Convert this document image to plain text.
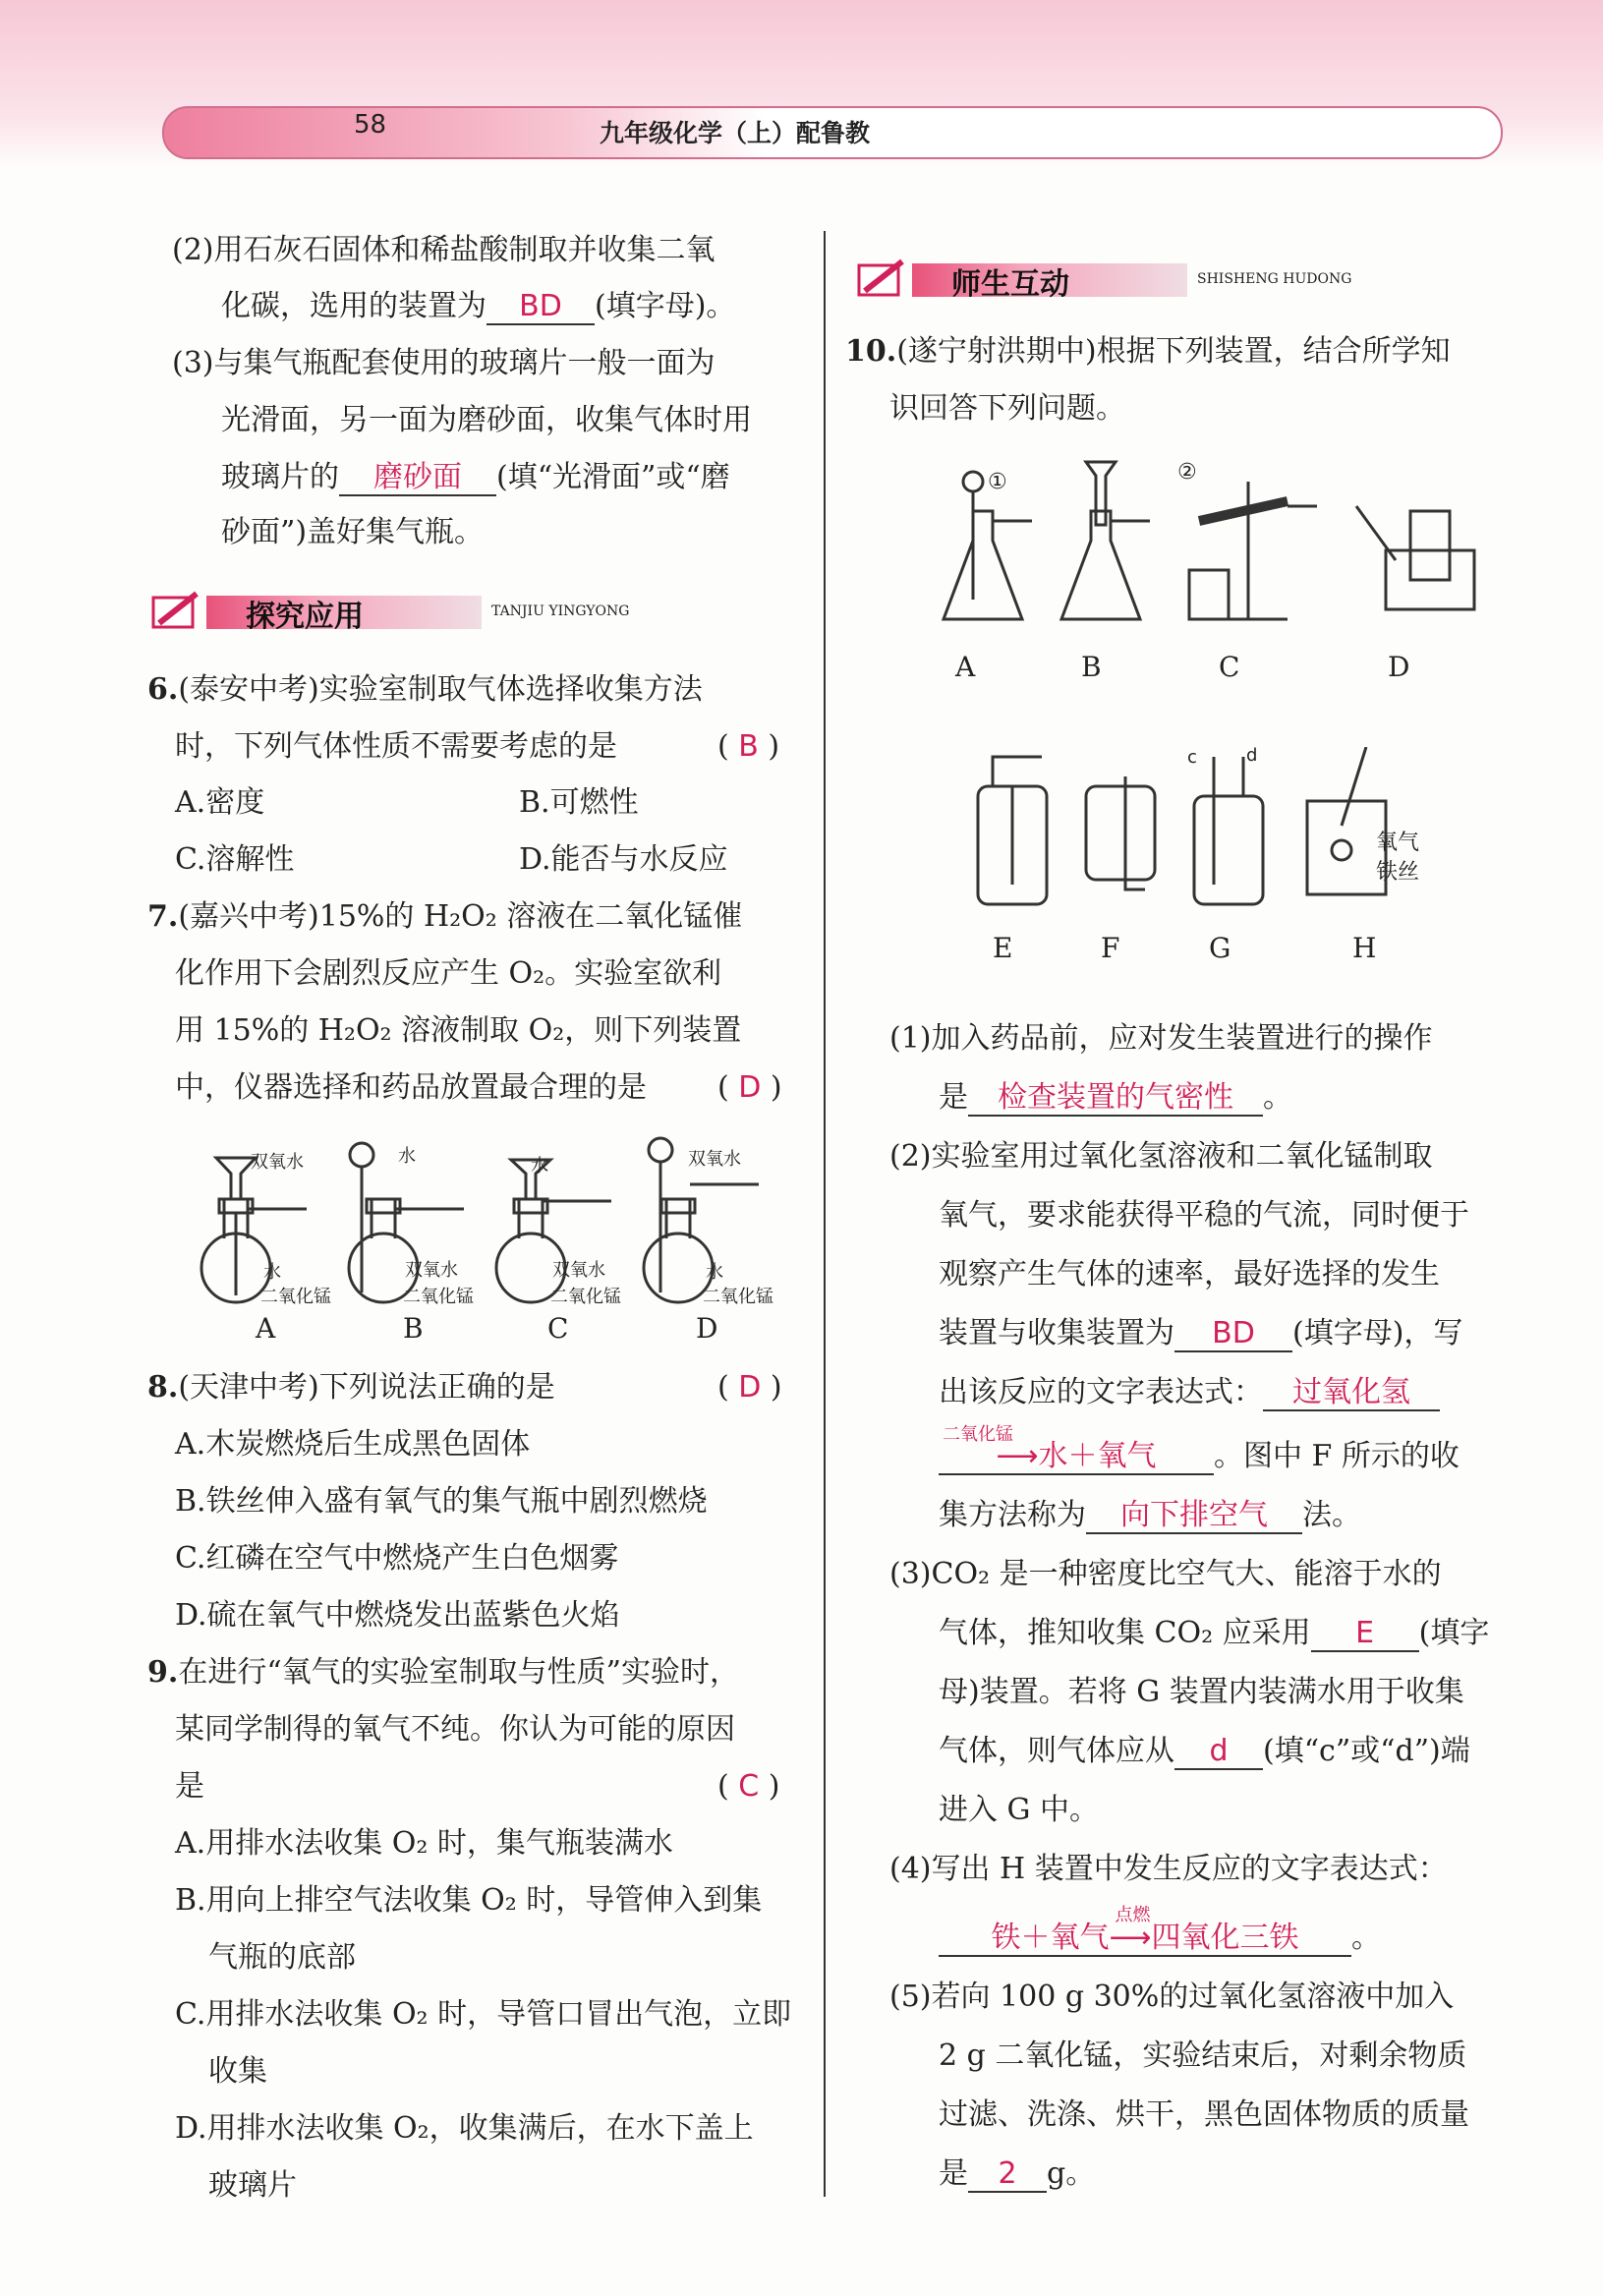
58	九年级化学（上）配鲁教
(2)用石灰石固体和稀盐酸制取并收集二氧
化碳，选用的装置为 BD (填字母)。
(3)与集气瓶配套使用的玻璃片一般一面为
光滑面，另一面为磨砂面，收集气体时用
玻璃片的 磨砂面 (填“光滑面”或“磨
砂面”)盖好集气瓶。
探究应用	TANJIU YINGYONG
6.(泰安中考)实验室制取气体选择收集方法
时，下列气体性质不需要考虑的是	( B )
A.密度	B.可燃性
C.溶解性	D.能否与水反应
7.(嘉兴中考)15%的 H₂O₂ 溶液在二氧化锰催
化作用下会剧烈反应产生 O₂。实验室欲利
用 15%的 H₂O₂ 溶液制取 O₂，则下列装置
中，仪器选择和药品放置最合理的是 ( D )
双氧水
水
二氧化锰
水
双氧水
二氧化锰
水
双氧水
二氧化锰
双氧水
水
二氧化锰
A	B	C	D
8.(天津中考)下列说法正确的是	( D )
A.木炭燃烧后生成黑色固体
B.铁丝伸入盛有氧气的集气瓶中剧烈燃烧
C.红磷在空气中燃烧产生白色烟雾
D.硫在氧气中燃烧发出蓝紫色火焰
9.在进行“氧气的实验室制取与性质”实验时，
某同学制得的氧气不纯。你认为可能的原因
是	( C )
A.用排水法收集 O₂ 时，集气瓶装满水
B.用向上排空气法收集 O₂ 时，导管伸入到集
气瓶的底部
C.用排水法收集 O₂ 时，导管口冒出气泡，立即
收集
D.用排水法收集 O₂，收集满后，在水下盖上
玻璃片
师生互动	SHISHENG HUDONG
10.(遂宁射洪期中)根据下列装置，结合所学知
识回答下列问题。
①	②
A	B	C	D
c	d
氧气
铁丝
E	F	G	H
(1)加入药品前，应对发生装置进行的操作
是 检查装置的气密性 。
(2)实验室用过氧化氢溶液和二氧化锰制取
氧气，要求能获得平稳的气流，同时便于
观察产生气体的速率，最好选择的发生
装置与收集装置为 BD (填字母)，写
出该反应的文字表达式： 过氧化氢
二氧化锰
⟶水＋氧气 。图中 F 所示的收
集方法称为 向下排空气 法。
(3)CO₂ 是一种密度比空气大、能溶于水的
气体，推知收集 CO₂ 应采用 E (填字
母)装置。若将 G 装置内装满水用于收集
气体，则气体应从 d (填“c”或“d”)端
进入 G 中。
(4)写出 H 装置中发生反应的文字表达式：
铁＋氧气⟶
点燃
四氧化三铁 。
(5)若向 100 g 30%的过氧化氢溶液中加入
2 g 二氧化锰，实验结束后，对剩余物质
过滤、洗涤、烘干，黑色固体物质的质量
是 2 g。
